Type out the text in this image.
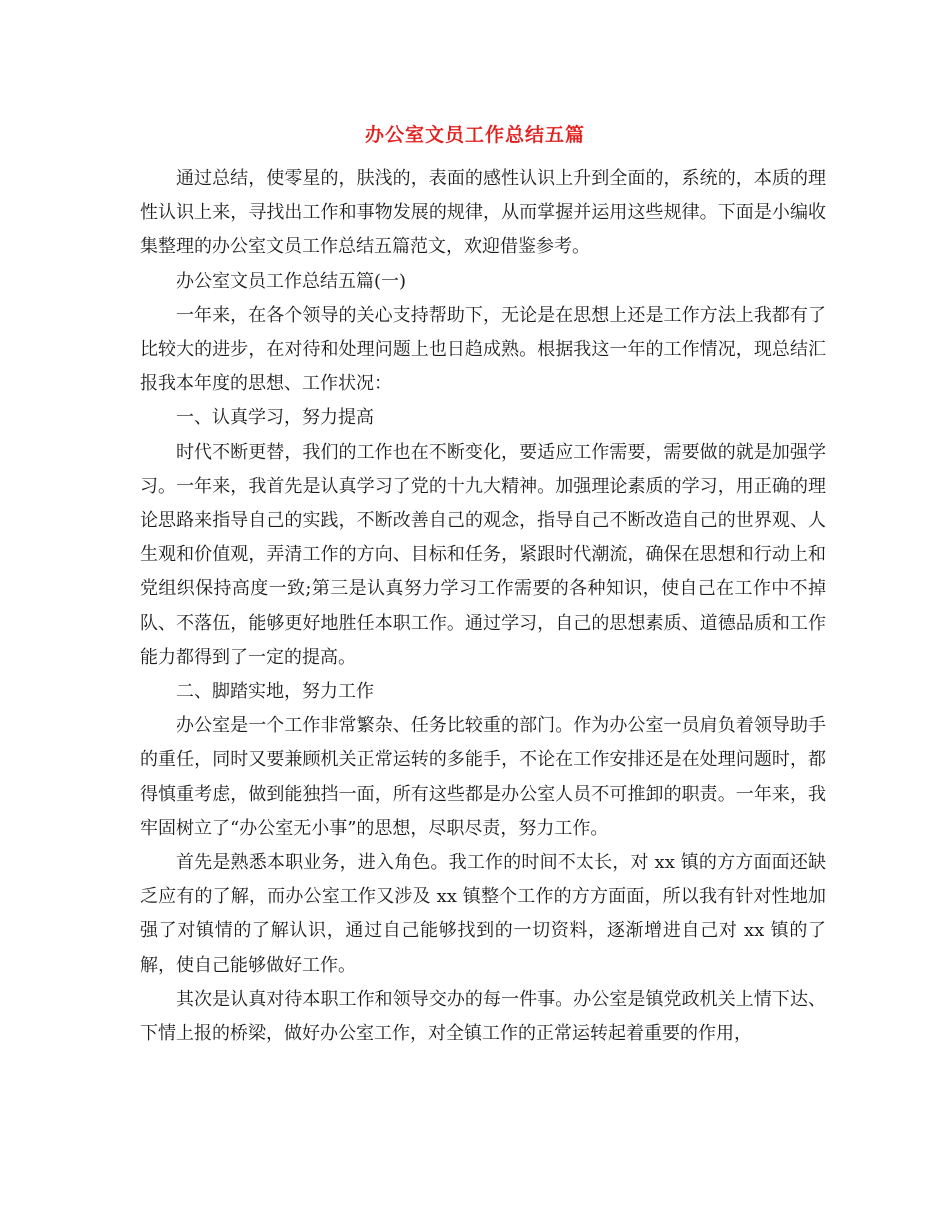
办公室文员工作总结五篇

通过总结，使零星的，肤浅的，表面的感性认识上升到全面的，系统的，本质的理性认识上来，寻找出工作和事物发展的规律，从而掌握并运用这些规律。下面是小编收集整理的办公室文员工作总结五篇范文，欢迎借鉴参考。

办公室文员工作总结五篇(一)

一年来，在各个领导的关心支持帮助下，无论是在思想上还是工作方法上我都有了比较大的进步，在对待和处理问题上也日趋成熟。根据我这一年的工作情况，现总结汇报我本年度的思想、工作状况：

一、认真学习，努力提高

时代不断更替，我们的工作也在不断变化，要适应工作需要，需要做的就是加强学习。一年来，我首先是认真学习了党的十九大精神。加强理论素质的学习，用正确的理论思路来指导自己的实践，不断改善自己的观念，指导自己不断改造自己的世界观、人生观和价值观，弄清工作的方向、目标和任务，紧跟时代潮流，确保在思想和行动上和党组织保持高度一致;第三是认真努力学习工作需要的各种知识，使自己在工作中不掉队、不落伍，能够更好地胜任本职工作。通过学习，自己的思想素质、道德品质和工作能力都得到了一定的提高。

二、脚踏实地，努力工作

办公室是一个工作非常繁杂、任务比较重的部门。作为办公室一员肩负着领导助手的重任，同时又要兼顾机关正常运转的多能手，不论在工作安排还是在处理问题时，都得慎重考虑，做到能独挡一面，所有这些都是办公室人员不可推卸的职责。一年来，我牢固树立了“办公室无小事”的思想，尽职尽责，努力工作。

首先是熟悉本职业务，进入角色。我工作的时间不太长，对 xx 镇的方方面面还缺乏应有的了解，而办公室工作又涉及 xx 镇整个工作的方方面面，所以我有针对性地加强了对镇情的了解认识，通过自己能够找到的一切资料，逐渐增进自己对 xx 镇的了解，使自己能够做好工作。

其次是认真对待本职工作和领导交办的每一件事。办公室是镇党政机关上情下达、下情上报的桥梁，做好办公室工作，对全镇工作的正常运转起着重要的作用，
